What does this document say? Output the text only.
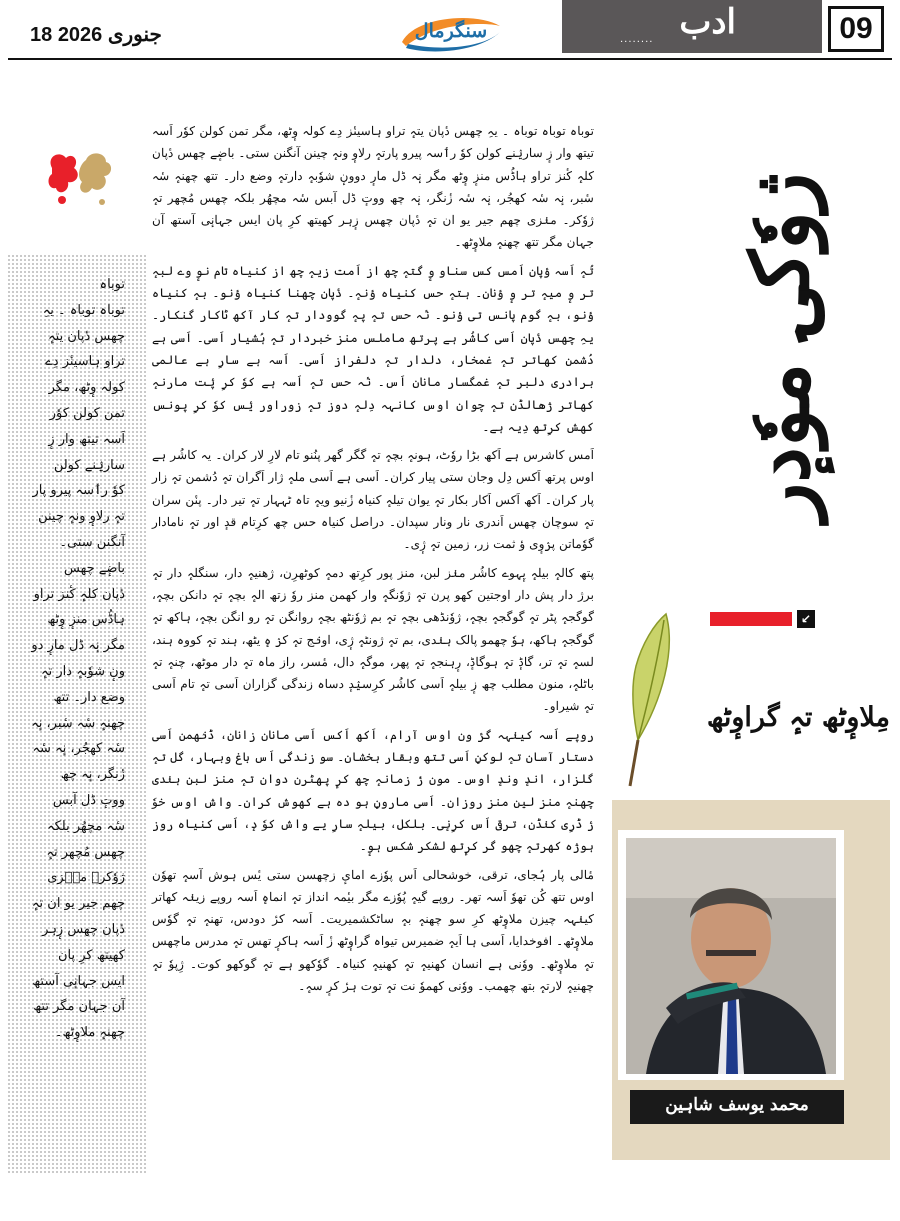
18 جنوری 2026	سنگرمال	........ ادب	09
توباہ
توباہ توباہ ۔ یہِ
چھس دٔپان یتہٕ
تراو ہاسینٔز دِے
کولہ وٕٹھ، مگر
تمن کولن کوٗر
اَسہ تیتھ وار زٕ
ساریٛنے کولن
کوٗ رٲسہ پیرو پار
تہٕ رلاوٕ ونہٕ چینن
آنگنن ستی۔
باضٕے چھس
دٔپان کلہٕ کٔنز تراو
ہاڈُس منزٕ وٕٹھ
مگر نٕہ ڈل مارٕ دو
ونٕ شوٗبہٕ دار تہٕ
وضع دار۔ تتھ
چھنہٕ سٔہ سٔبر، نٕہ
سٔہ کھجُر، نٕہ سٔہ
زٔنگر، نٕہ چھ
ووتٕ ڈل آبس
سٔہ مچھُر بلکہ
چھس مُچھر تہٕ
ژوٗکر۔ منٛزی
چھم جیر یو ان تہٕ
دٔپان چھس زٕہر
کھیتھ کرِ پان
ایس جہانٕی آستھ
آن جہان مگر تتھ
چھنہٕ ملاوٕٹھ۔

توباہ توباہ توباہ ۔ یہِ چھس دٔپان یتہٕ تراو ہاسینٔز دِے کولہ وٕٹھ، مگر تمن کولن کوٗر اَسہ تیتھ وار زٕ ساریٛنے کولن کوٗ رٲسہ پیرو پارتہٕ رلاوٕ ونہٕ چینن آنگنن ستی۔ باضٕے چھس دٔپان کلہٕ کٔنز تراو ہاڈُس منزٕ وٕٹھ مگر نٕہ ڈل مارٕ دوونٕ شوٗبہٕ دارتہٕ وضع دار۔ تتھ چھنہٕ سٔہ سٔبر، نٕہ سٔہ کھجُر، نٕہ سٔہ زٔنگر، نٕہ چھ ووتٕ ڈل آبس سٔہ مچھُر بلکہ چھس مُچھر تہٕ ژوٗکر۔ منٛزی چھم جیر یو ان تہٕ دٔپان چھس زٕہر کھیتھ کرِ پان ایس جہانٕی آستھ آن جہان مگر تتھ چھنہٕ ملاوٕٹھ۔

تُہٕ اَسہ ؤپان اَمس کس سناو وٕ گتہٕ چھ از اَمت زیہٕ چھ از کنیاہ تام نوٕ وے لبہٕ تر وٕ میہٕ تر وٕ ؤنان۔ ہتہٕ حس کنیاہ ؤنہٕ۔ دٔپان چھنا کنیاہ ؤنو۔ بہٕ کنیاہ ؤنو، بہٕ گوم پانس تی ؤنو۔ نٔہ حس تہٕ پہٕ گوودار تہٕ کار آکھ ٹاکار گنکار۔ یہِ چھس دٔپان اَسی کاشُر ہے پرتھ ماملس منز خبردار تہٕ ہُشیار اَسی۔ اَسی ہے دُشمن کھاتر تہٕ غمخار، دلدار تہٕ دلفراز اَسی۔ اَسہ ہے سارِ ہے عالمی برادری دلبر تہٕ غمگسار مانان اَس۔ نٔہ حس تہٕ اَسہ ہے کوٗ کرِ پٔت مارنہٕ کھاتر ژھالڈن تہٕ چوان اوس کانہہ دِلہٕ دوز تہٕ زوراور یٔس کوٗ کرِ پونس کھش کرِتھ دِیہ ہے۔

اَمس کاشرس ہے اَکھ بڑا روٗٹ، ہونہٕ بچہٕ تہٕ گگر گھر پنُنو تام لارِ لار کران۔ یہ کاشُر ہے اوس پرتھ اَکس دِل وجان ستی پیار کران۔ اَسی ہے اَسی ملہٕ ژار اَگران تہٕ دُشمن تہٕ زار پار کران۔ اَکھ اَکس اَکار بکار تہٕ یوان تیلہٕ کنیاہ زٔنیو ویہٕ تاہ ٹہہار تہٕ تیر دار۔ پنٔن سران تہٕ سوچان چھس اَندری نار ونار سپدان۔ دراصل کنیاہ حس چھ کرِتام قدٕ اور تہٕ نامادار گوٗماتن پرٛوٕی ؤ ثمت زر، زمین تہٕ ژٕی۔

پتھ کالہٕ بیلہٕ یٕہوے کاشُر منٛز لبن، منز پور کرِتھ دمہٕ کوٹھرِن، ژھنیہٕ دار، سنگلہٕ دار تہٕ برژ دار پش دار اوجتین کھو پرن تہٕ ژوٗنگہٕ وار کھمن منز روٗ زتھ الہٕ بچہٕ تہٕ دانکن بچہٕ، گوگجہٕ پٹر تہٕ گوگجہٕ بچہٕ، ژوٗنڈھی بچہٕ تہٕ بم ژوٗنٹھ بچہٕ روانگن تہٕ رو انگن بچہٕ، ہاکھ تہٕ گوگجہٕ ہاکھ، ہوٗ چھمو پالک ہنٛدی، بم تہٕ ژونٹہٕ ژٕی، اونٛج تہٕ کرٛ ہٕ یٹھ، ہند تہٕ کووہ ہند، لسہٕ تہٕ تر، گاڈٕ تہٕ ہوگاڈٕ، رٕہنجہٕ تہٕ پھر، موگہٕ دال، مٔسر، راز ماہ تہٕ دار موٹھ، چنہٕ تہٕ باٹلہٕ، منون مطلب چھ زٕ بیلہٕ اَسی کاشُر کرِسیٛدٕ دساہ زندگی گزاران اَسی تہٕ تام اَسی تہٕ شیراو۔

روپے اَسہ کینٛہہ گرٔ ون اوس آرام، اَکھ اَکس اَسی مانان زانان، ڈنٛھمن اَسی دستار آسان تہٕ لوکنٕ اَسی تتھ وبقار بخشان۔ سو زندگی اَس باغ وبہار، گل تہٕ گلزار، اندٕ وندٕ اوس۔ مون زٔ زمانہٕ چھ کرٕ پھٹرن دوان تہٕ منز لبن ہنٛدی چھنہٕ منز لین منز روزان۔ اَسی مارونٕ ہو دہ ہے کھوش کران۔ واش اوس خوٗ رٔ ڈرِی کنٛڈن، ترقی اَس کرِنٕی۔ بلکل، بیلہٕ سارِ یے واش کوٗ دٕ، اَسی کنیاہ روز ہوژہ کھرتہٕ چھو گر کرٕتھ لشکر شکس ہوٕ۔

مٔالی پار ہُجای، ترقی، خوشحالی اَس پوٗزے امایٕ زچھسن ستی یٔس ہوش آسہٕ تھوٗن اوس تتھ کُن تھوٗ اَسہ تھر۔ روپے گیہٕ پُوٗزے مگر بیٔمہ انداز تہٕ انماہٕ اَسہ روپے زینٛہ کھاتر کینٛہہ چیزن ملاوٕٹھ کرِ سو چھنہٕ بہٕ ساٹکشمیریت۔ اَسہ کرٔ دودس، تھنہٕ تہٕ گوٗس ملاوٕٹھ۔ افوخدایا، اَسی ہا اَیہٕ ضمیرس تیواہ گراوٕٹھ زٔ اَسہ ہاکرٕ تھس تہٕ مدرس ماچھس تہٕ ملاوٕٹھ۔ ووٗنی ہے انسان کھنیہٕ تہٕ کھنیہٕ کنیاہ۔ گوٗکھو ہے تہٕ گوکھو کوت۔ ژِپوٗ تہٕ چھنیہٕ لارتہٕ بتھ چھمب۔ ووٗنی کھموٗ نت تہٕ توت ہرٔ کرٕ سہٕ۔

ژوٗکۍ موٗدٕر
↙
مِلاوٕٹھ تہٕ گراوٕٹھ
محمد یوسف شاہین
